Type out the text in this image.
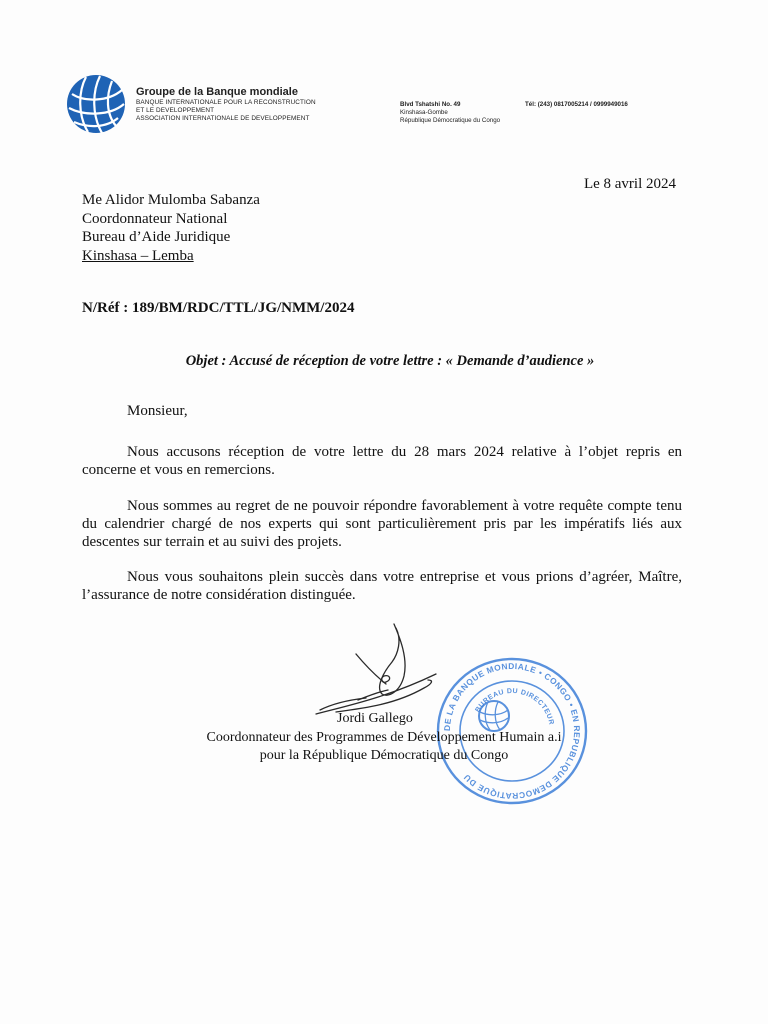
Groupe de la Banque mondiale
BANQUE INTERNATIONALE POUR LA RECONSTRUCTION
ET LE DEVELOPPEMENT
ASSOCIATION INTERNATIONALE DE DEVELOPPEMENT
Blvd Tshatshi No. 49
Kinshasa-Gombe
République Démocratique du Congo
Tél: (243) 0817005214 / 0999949016
Le 8 avril 2024
Me Alidor Mulomba Sabanza
Coordonnateur National
Bureau d’Aide Juridique
Kinshasa – Lemba
N/Réf : 189/BM/RDC/TTL/JG/NMM/2024
Objet : Accusé de réception de votre lettre : « Demande d’audience »
Monsieur,
Nous accusons réception de votre lettre du 28 mars 2024 relative à l’objet repris en concerne et vous en remercions.
Nous sommes au regret de ne pouvoir répondre favorablement à votre requête compte tenu du calendrier chargé de nos experts qui sont particulièrement pris par les impératifs liés aux descentes sur terrain et au suivi des projets.
Nous vous souhaitons plein succès dans votre entreprise et vous prions d’agréer, Maître, l’assurance de notre considération distinguée.
DE LA BANQUE MONDIALE • CONGO • EN REPUBLIQUE DEMOCRATIQUE DU
BUREAU DU DIRECTEUR
Jordi Gallego
Coordonnateur des Programmes de Développement Humain a.i
pour la République Démocratique du Congo
